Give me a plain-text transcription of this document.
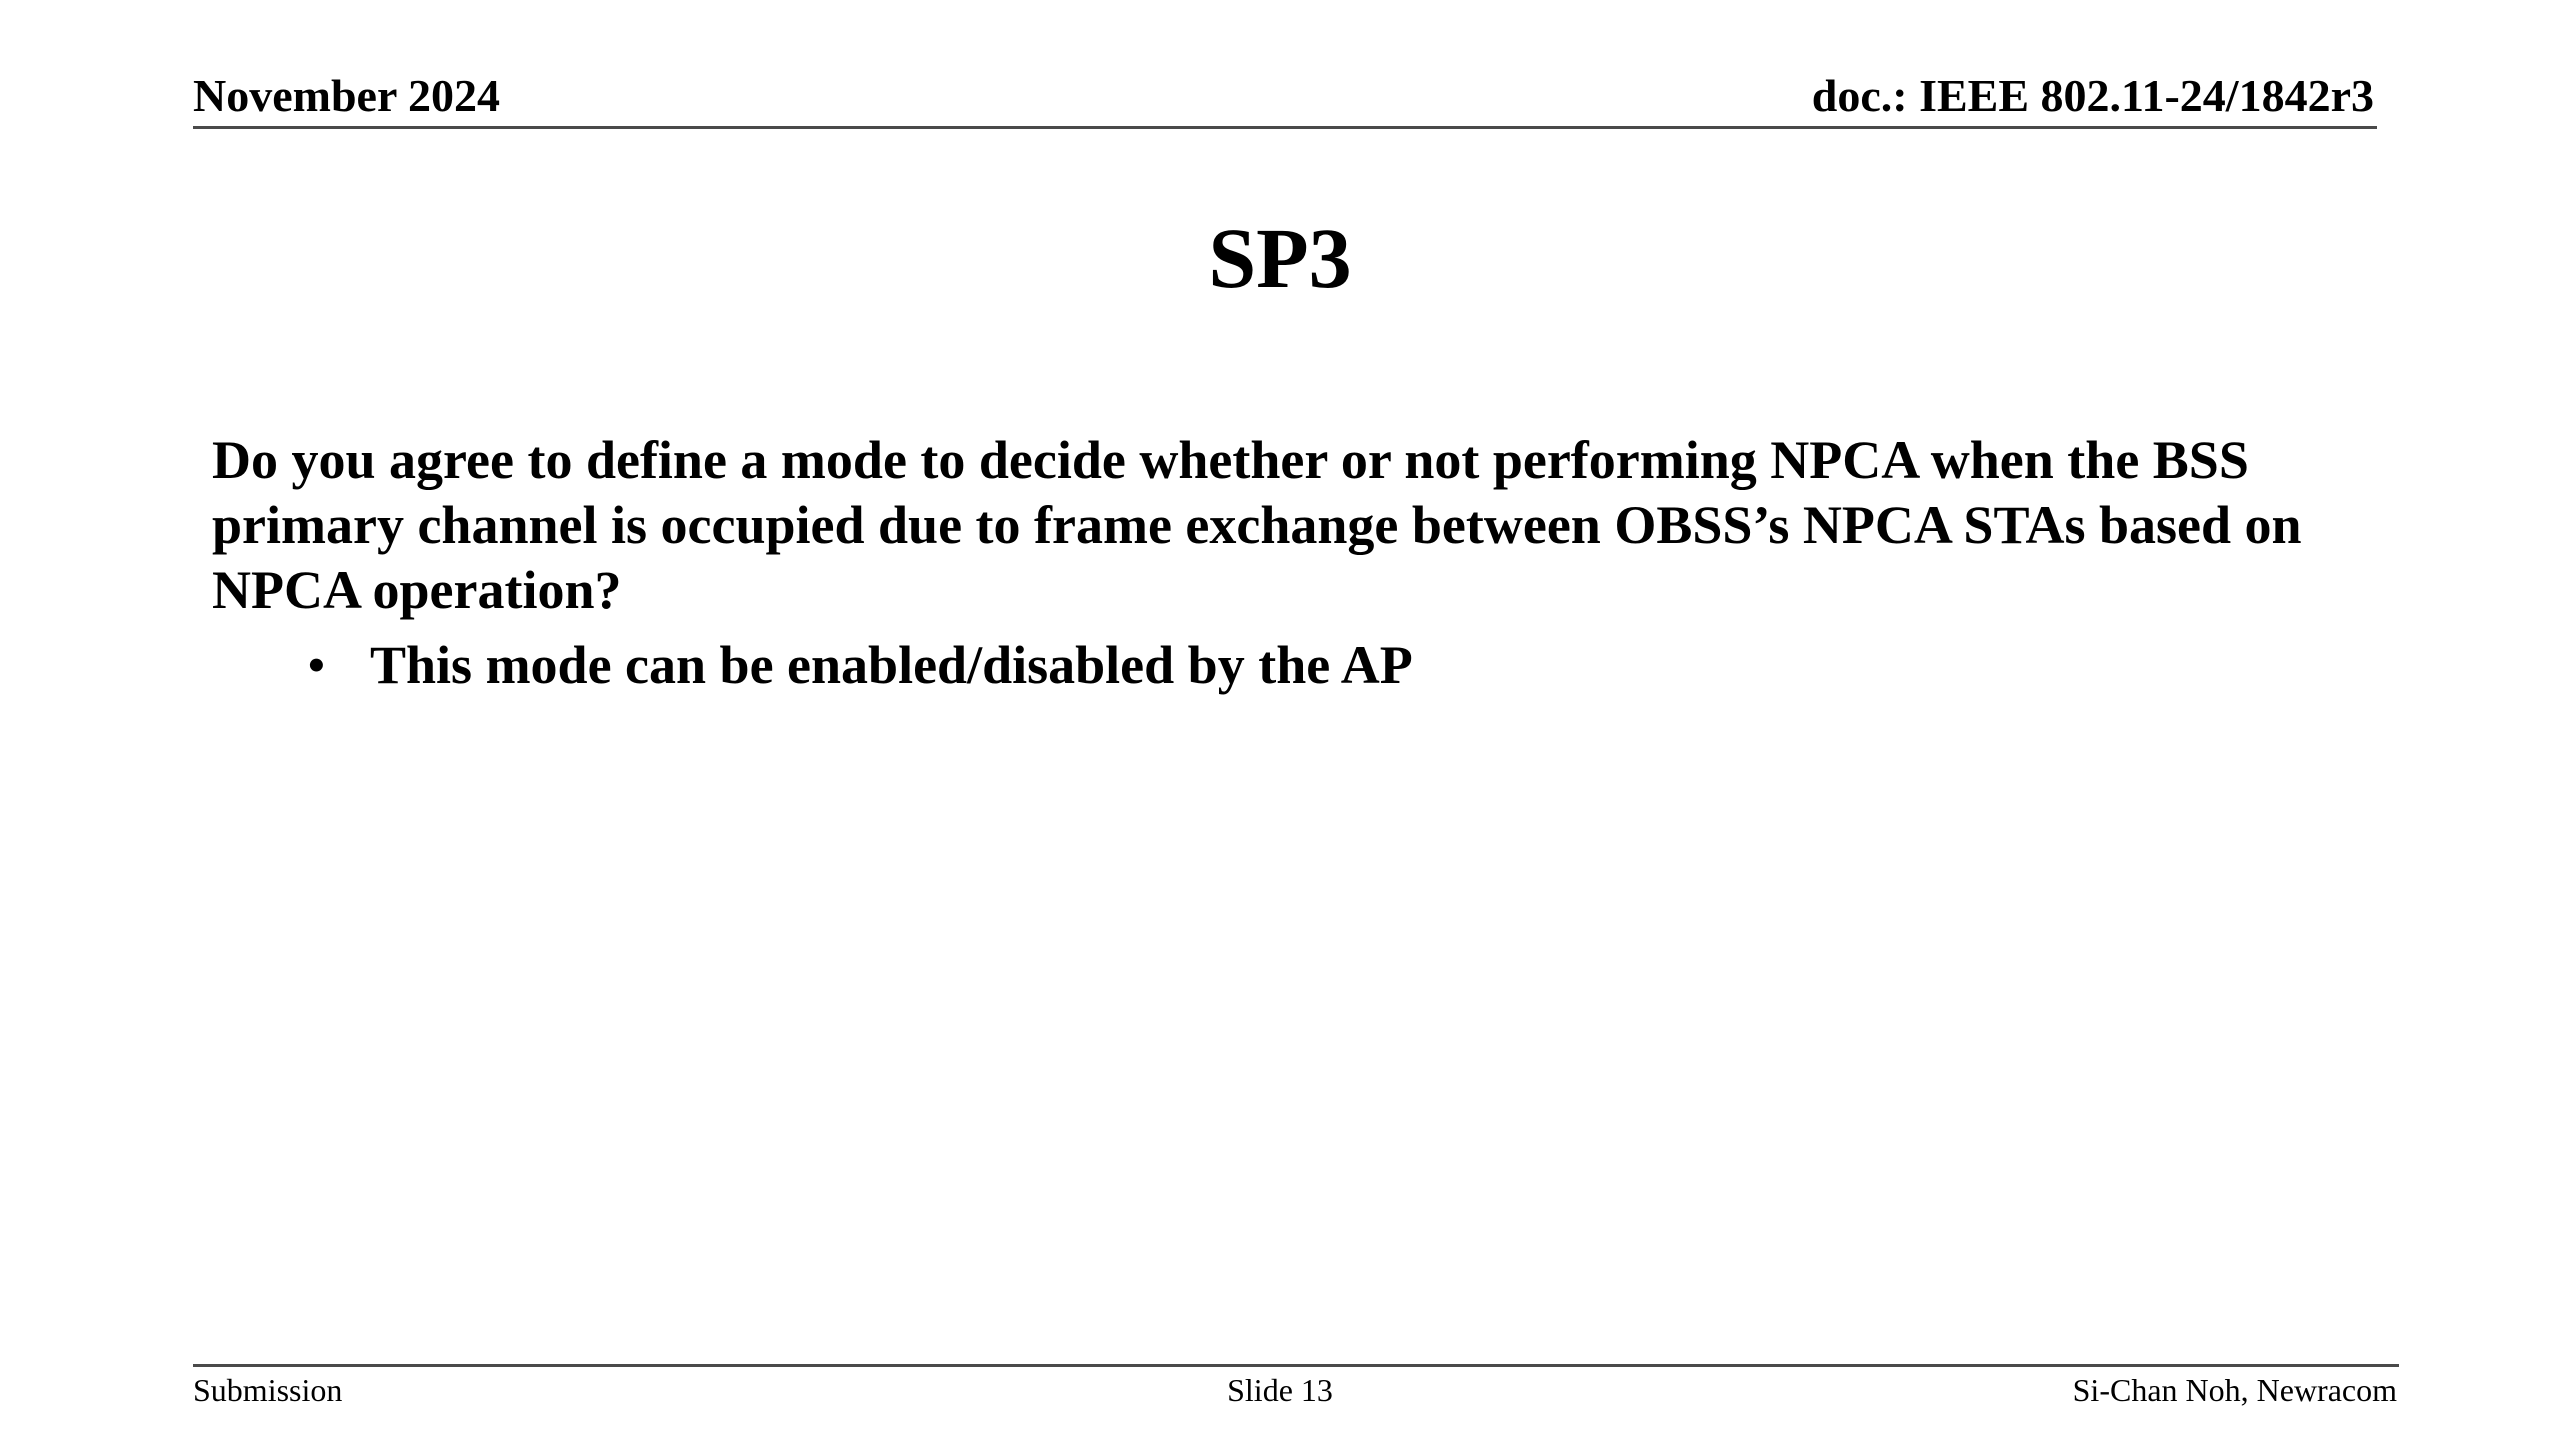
November 2024	doc.: IEEE 802.11-24/1842r3
SP3

Do you agree to define a mode to decide whether or not performing NPCA when the BSS primary channel is occupied due to frame exchange between OBSS’s NPCA STAs based on NPCA operation?

• This mode can be enabled/disabled by the AP
Submission	Slide 13	Si-Chan Noh, Newracom
